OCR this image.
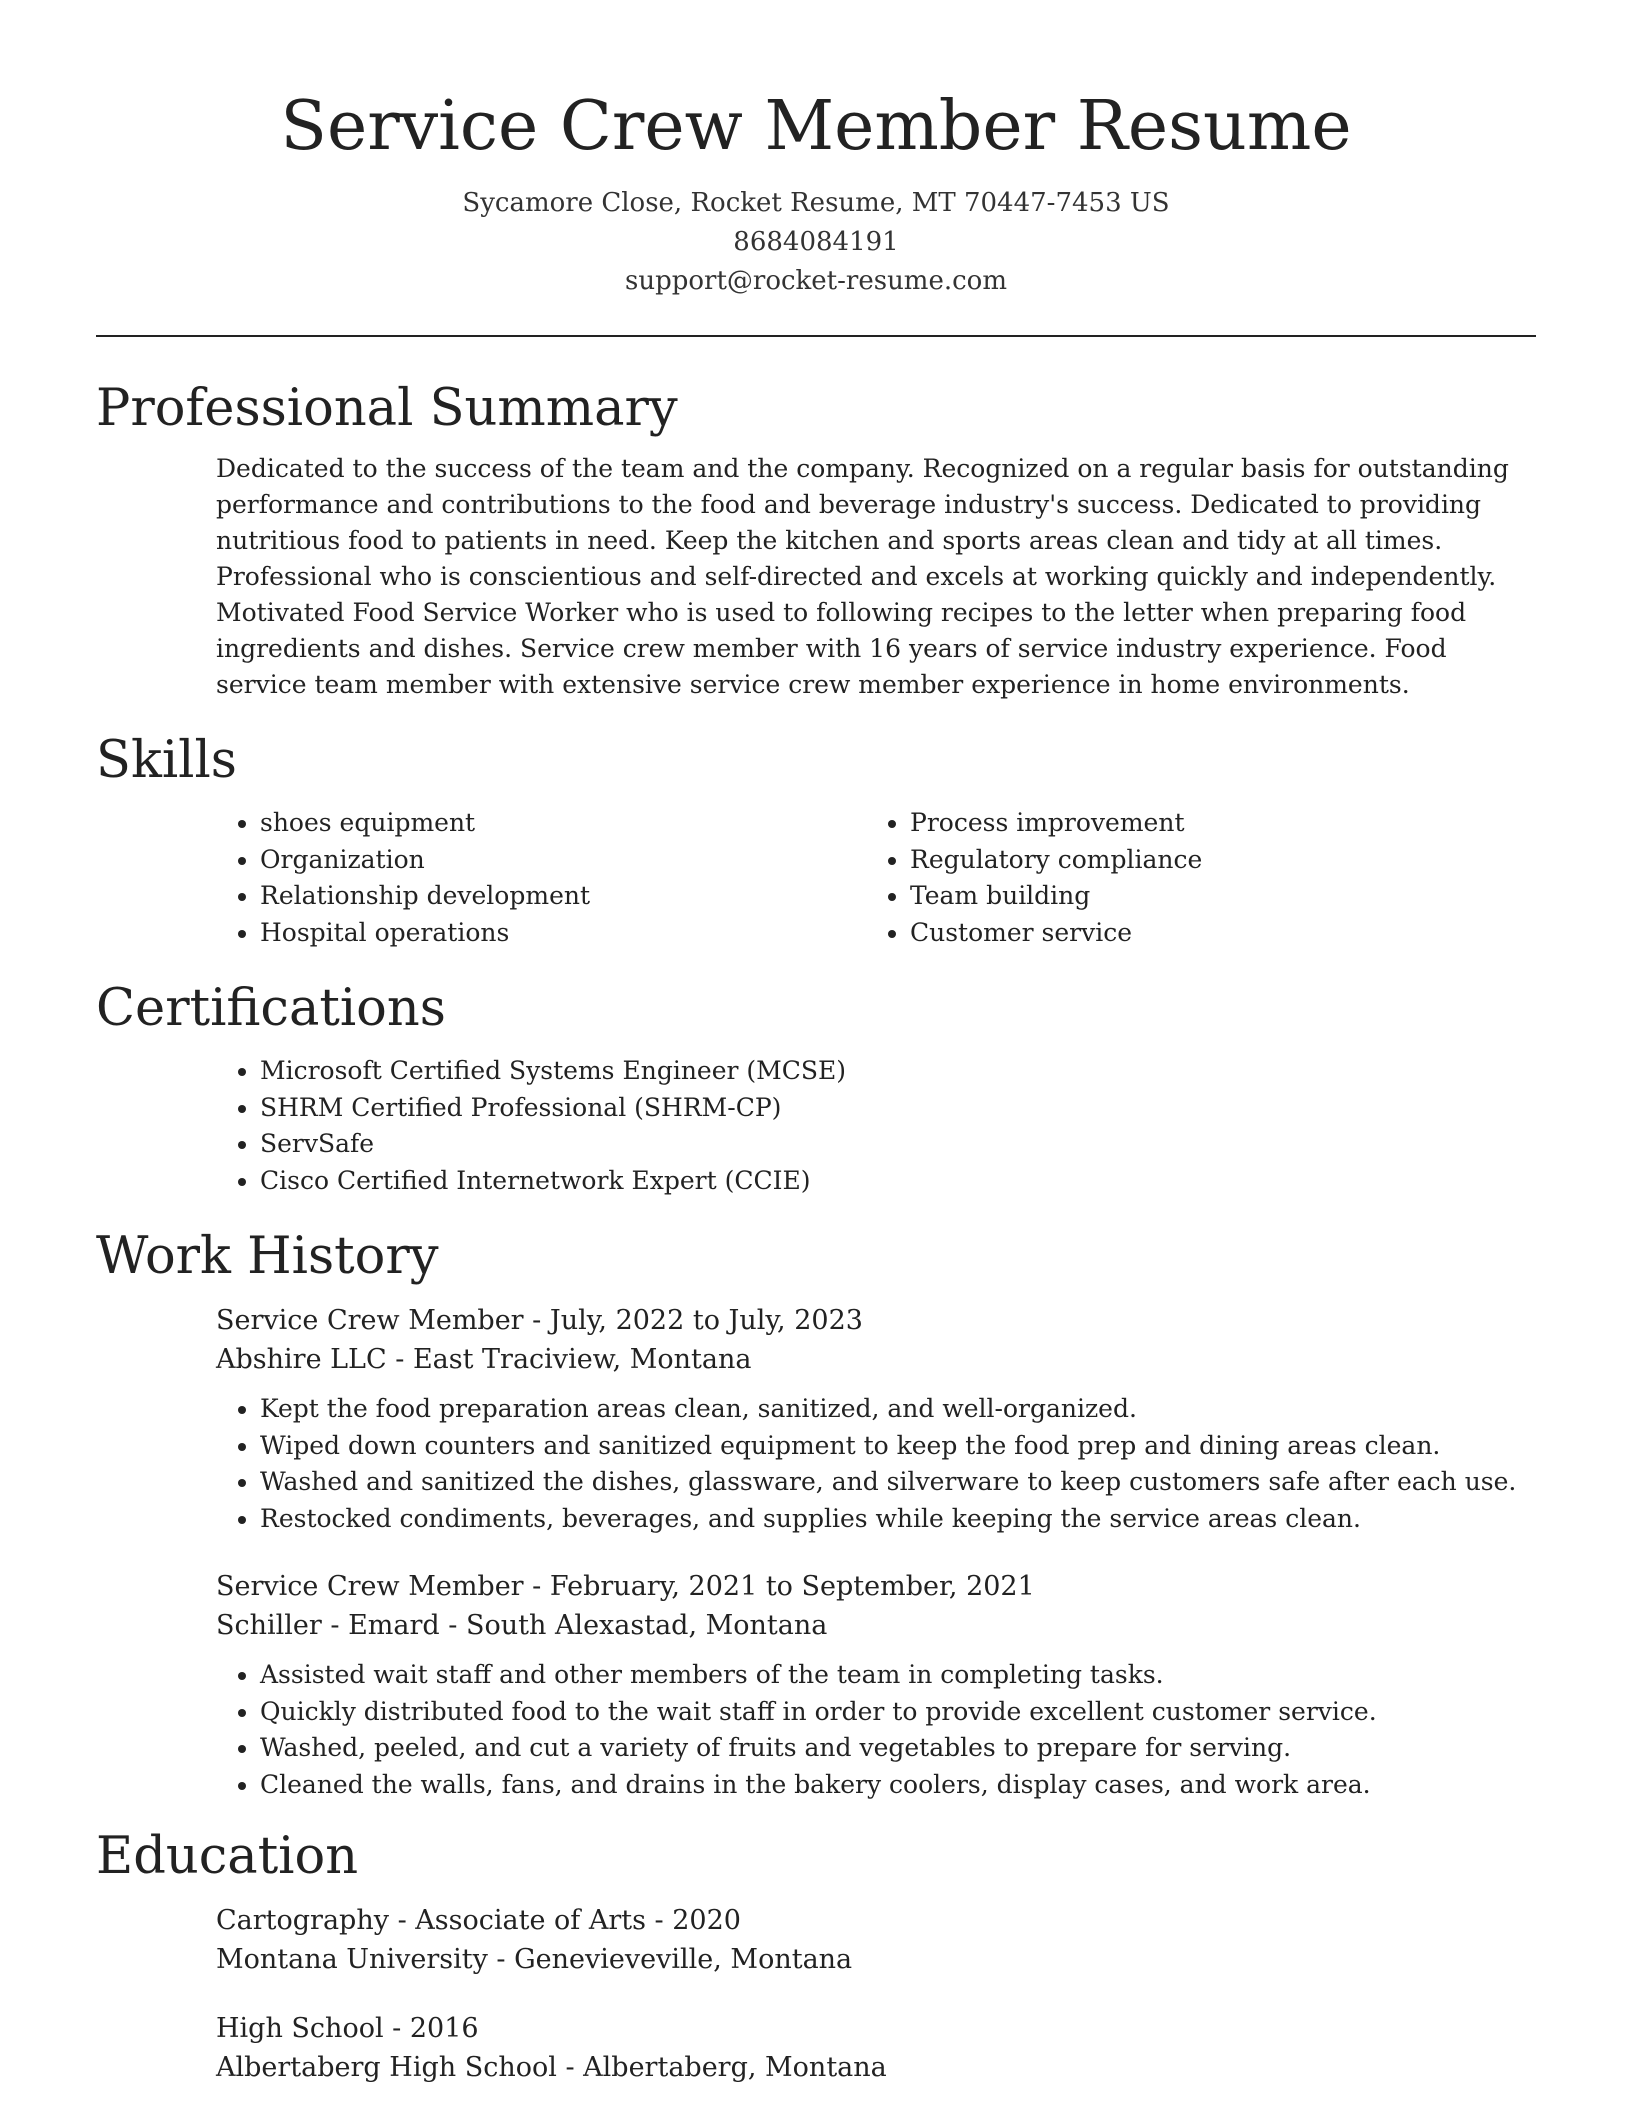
Service Crew Member Resume
Sycamore Close, Rocket Resume, MT 70447-7453 US
8684084191
support@rocket-resume.com
Professional Summary

Dedicated to the success of the team and the company. Recognized on a regular basis for outstanding performance and contributions to the food and beverage industry's success. Dedicated to providing nutritious food to patients in need. Keep the kitchen and sports areas clean and tidy at all times. Professional who is conscientious and self-directed and excels at working quickly and independently. Motivated Food Service Worker who is used to following recipes to the letter when preparing food ingredients and dishes. Service crew member with 16 years of service industry experience. Food service team member with extensive service crew member experience in home environments.

Skills
• shoes equipment
• Organization
• Relationship development
• Hospital operations
• Process improvement
• Regulatory compliance
• Team building
• Customer service
Certifications
• Microsoft Certified Systems Engineer (MCSE)
• SHRM Certified Professional (SHRM-CP)
• ServSafe
• Cisco Certified Internetwork Expert (CCIE)
Work History
Service Crew Member - July, 2022 to July, 2023
Abshire LLC - East Traciview, Montana
• Kept the food preparation areas clean, sanitized, and well-organized.
• Wiped down counters and sanitized equipment to keep the food prep and dining areas clean.
• Washed and sanitized the dishes, glassware, and silverware to keep customers safe after each use.
• Restocked condiments, beverages, and supplies while keeping the service areas clean.
Service Crew Member - February, 2021 to September, 2021
Schiller - Emard - South Alexastad, Montana
• Assisted wait staff and other members of the team in completing tasks.
• Quickly distributed food to the wait staff in order to provide excellent customer service.
• Washed, peeled, and cut a variety of fruits and vegetables to prepare for serving.
• Cleaned the walls, fans, and drains in the bakery coolers, display cases, and work area.
Education
Cartography - Associate of Arts - 2020
Montana University - Genevieveville, Montana
High School - 2016
Albertaberg High School - Albertaberg, Montana
